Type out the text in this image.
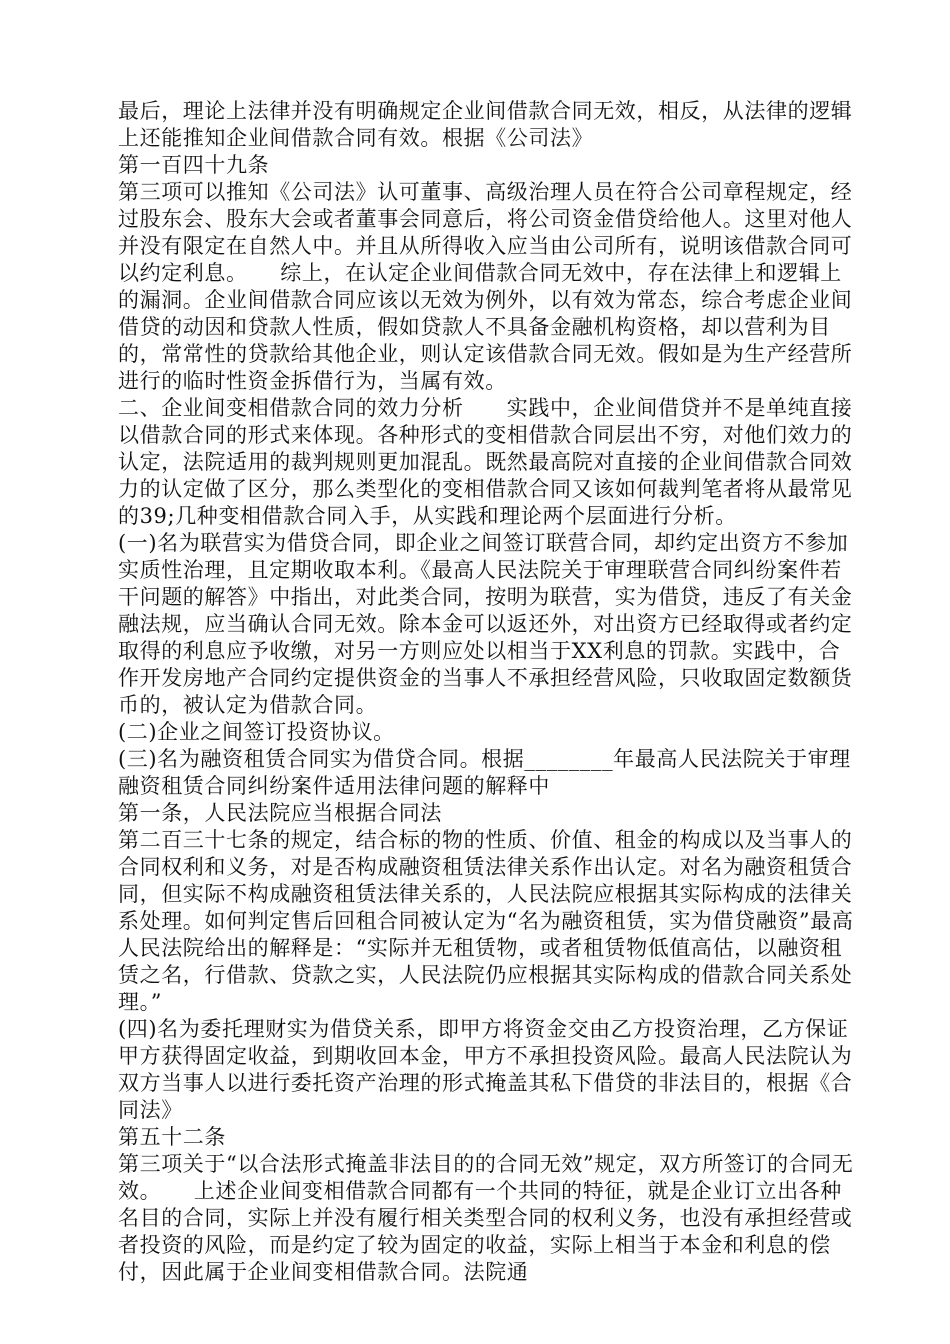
最后，理论上法律并没有明确规定企业间借款合同无效，相反，从法律的逻辑上还能推知企业间借款合同有效。根据《公司法》

第一百四十九条

第三项可以推知《公司法》认可董事、高级治理人员在符合公司章程规定，经过股东会、股东大会或者董事会同意后，将公司资金借贷给他人。这里对他人并没有限定在自然人中。并且从所得收入应当由公司所有，说明该借款合同可以约定利息。　　综上，在认定企业间借款合同无效中，存在法律上和逻辑上的漏洞。企业间借款合同应该以无效为例外，以有效为常态，综合考虑企业间借贷的动因和贷款人性质，假如贷款人不具备金融机构资格，却以营利为目的，常常性的贷款给其他企业，则认定该借款合同无效。假如是为生产经营所进行的临时性资金拆借行为，当属有效。

二、企业间变相借款合同的效力分析　　实践中，企业间借贷并不是单纯直接以借款合同的形式来体现。各种形式的变相借款合同层出不穷，对他们效力的认定，法院适用的裁判规则更加混乱。既然最高院对直接的企业间借款合同效力的认定做了区分，那么类型化的变相借款合同又该如何裁判笔者将从最常见的39;几种变相借款合同入手，从实践和理论两个层面进行分析。

(一)名为联营实为借贷合同，即企业之间签订联营合同，却约定出资方不参加实质性治理，且定期收取本利。《最高人民法院关于审理联营合同纠纷案件若干问题的解答》中指出，对此类合同，按明为联营，实为借贷，违反了有关金融法规，应当确认合同无效。除本金可以返还外，对出资方已经取得或者约定取得的利息应予收缴，对另一方则应处以相当于XX利息的罚款。实践中，合作开发房地产合同约定提供资金的当事人不承担经营风险，只收取固定数额货币的，被认定为借款合同。

(二)企业之间签订投资协议。

(三)名为融资租赁合同实为借贷合同。根据________年最高人民法院关于审理融资租赁合同纠纷案件适用法律问题的解释中

第一条，人民法院应当根据合同法

第二百三十七条的规定，结合标的物的性质、价值、租金的构成以及当事人的合同权利和义务，对是否构成融资租赁法律关系作出认定。对名为融资租赁合同，但实际不构成融资租赁法律关系的，人民法院应根据其实际构成的法律关系处理。如何判定售后回租合同被认定为“名为融资租赁，实为借贷融资”最高人民法院给出的解释是：“实际并无租赁物，或者租赁物低值高估，以融资租赁之名，行借款、贷款之实，人民法院仍应根据其实际构成的借款合同关系处理。”

(四)名为委托理财实为借贷关系，即甲方将资金交由乙方投资治理，乙方保证甲方获得固定收益，到期收回本金，甲方不承担投资风险。最高人民法院认为双方当事人以进行委托资产治理的形式掩盖其私下借贷的非法目的，根据《合同法》

第五十二条

第三项关于“以合法形式掩盖非法目的的合同无效”规定，双方所签订的合同无效。　　上述企业间变相借款合同都有一个共同的特征，就是企业订立出各种名目的合同，实际上并没有履行相关类型合同的权利义务，也没有承担经营或者投资的风险，而是约定了较为固定的收益，实际上相当于本金和利息的偿付，因此属于企业间变相借款合同。法院通
